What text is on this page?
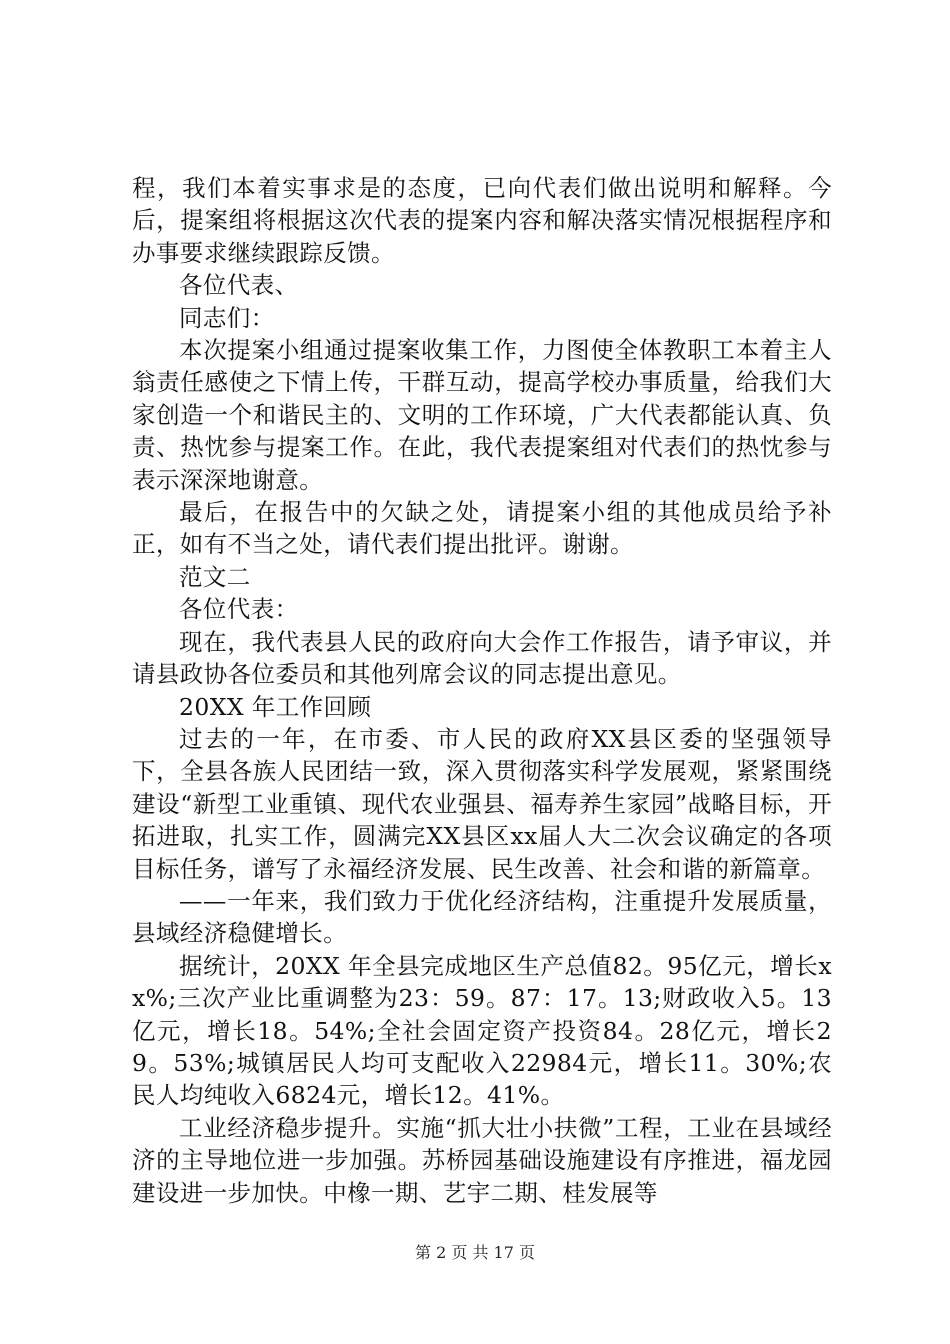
程，我们本着实事求是的态度，已向代表们做出说明和解释。今后，提案组将根据这次代表的提案内容和解决落实情况根据程序和办事要求继续跟踪反馈。

各位代表、

同志们：

本次提案小组通过提案收集工作，力图使全体教职工本着主人翁责任感使之下情上传，干群互动，提高学校办事质量，给我们大家创造一个和谐民主的、文明的工作环境，广大代表都能认真、负责、热忱参与提案工作。在此，我代表提案组对代表们的热忱参与表示深深地谢意。

最后，在报告中的欠缺之处，请提案小组的其他成员给予补正，如有不当之处，请代表们提出批评。谢谢。

范文二

各位代表：

现在，我代表县人民的政府向大会作工作报告，请予审议，并请县政协各位委员和其他列席会议的同志提出意见。

20XX 年工作回顾

过去的一年，在市委、市人民的政府XX县区委的坚强领导下，全县各族人民团结一致，深入贯彻落实科学发展观，紧紧围绕建设“新型工业重镇、现代农业强县、福寿养生家园”战略目标，开拓进取，扎实工作，圆满完XX县区xx届人大二次会议确定的各项目标任务，谱写了永福经济发展、民生改善、社会和谐的新篇章。

——一年来，我们致力于优化经济结构，注重提升发展质量，县域经济稳健增长。

据统计，20XX 年全县完成地区生产总值82。95亿元，增长xx%;三次产业比重调整为23：59。87：17。13;财政收入5。13亿元，增长18。54%;全社会固定资产投资84。28亿元，增长29。53%;城镇居民人均可支配收入22984元，增长11。30%;农民人均纯收入6824元，增长12。41%。

工业经济稳步提升。实施“抓大壮小扶微”工程，工业在县域经济的主导地位进一步加强。苏桥园基础设施建设有序推进，福龙园建设进一步加快。中橡一期、艺宇二期、桂发展等

第 2 页 共 17 页
